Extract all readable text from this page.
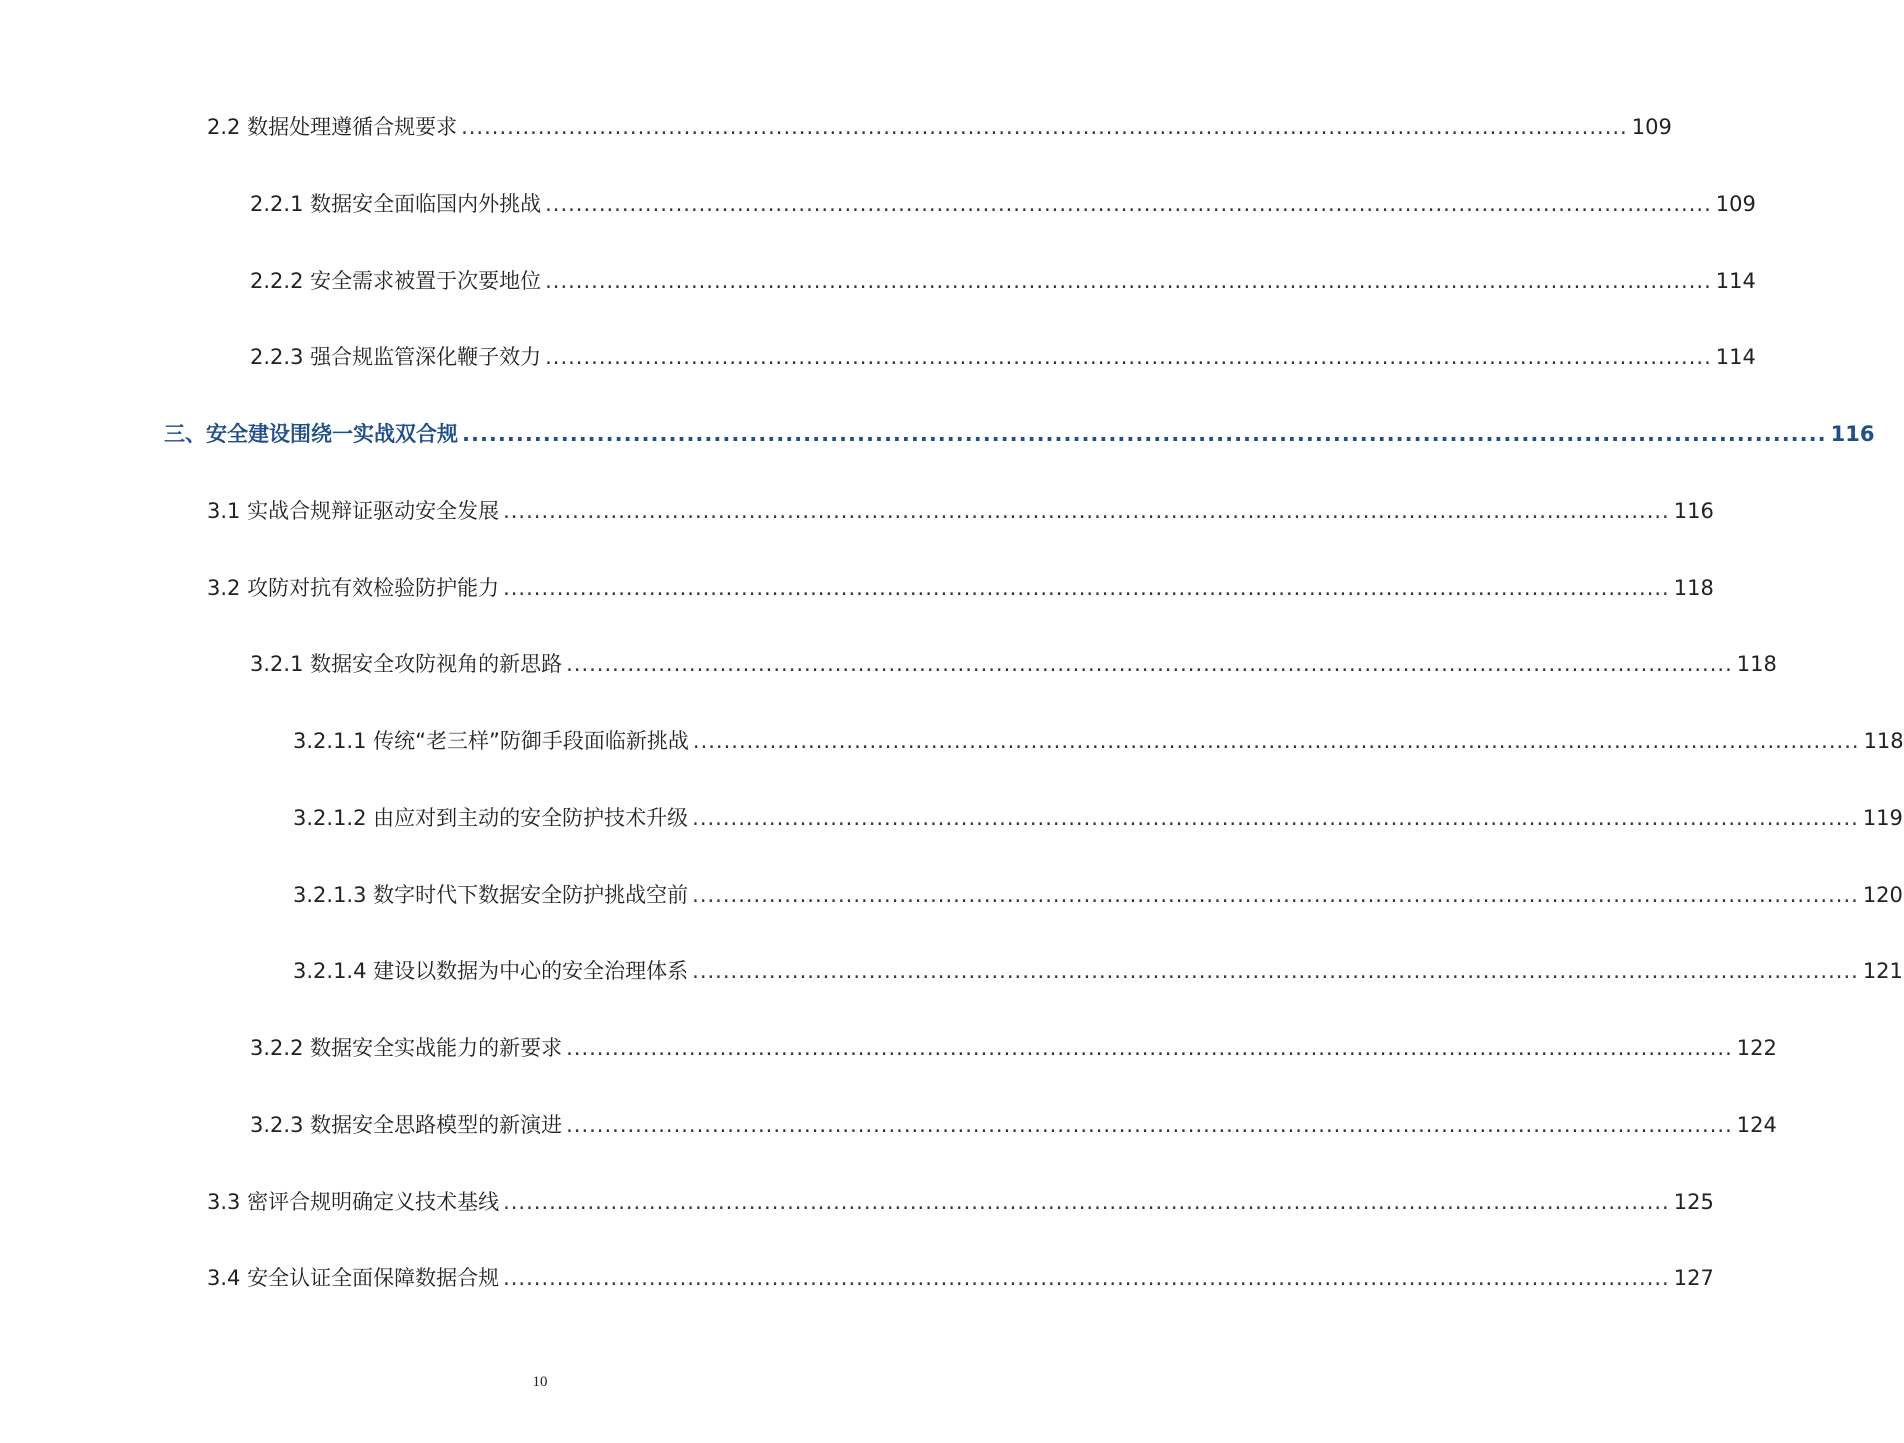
2.2 数据处理遵循合规要求 ........................................................................................................................................................ 109
2.2.1 数据安全面临国内外挑战 ........................................................................................................................................................ 109
2.2.2 安全需求被置于次要地位 ........................................................................................................................................................ 114
2.2.3 强合规监管深化鞭子效力 ........................................................................................................................................................ 114
三、安全建设围绕一实战双合规 ........................................................................................................................................................ 116
3.1 实战合规辩证驱动安全发展 ........................................................................................................................................................ 116
3.2 攻防对抗有效检验防护能力 ........................................................................................................................................................ 118
3.2.1 数据安全攻防视角的新思路 ........................................................................................................................................................ 118
3.2.1.1 传统“老三样”防御手段面临新挑战 ........................................................................................................................................................ 118
3.2.1.2 由应对到主动的安全防护技术升级 ........................................................................................................................................................ 119
3.2.1.3 数字时代下数据安全防护挑战空前 ........................................................................................................................................................ 120
3.2.1.4 建设以数据为中心的安全治理体系 ........................................................................................................................................................ 121
3.2.2 数据安全实战能力的新要求 ........................................................................................................................................................ 122
3.2.3 数据安全思路模型的新演进 ........................................................................................................................................................ 124
3.3 密评合规明确定义技术基线 ........................................................................................................................................................ 125
3.4 安全认证全面保障数据合规 ........................................................................................................................................................ 127
10
